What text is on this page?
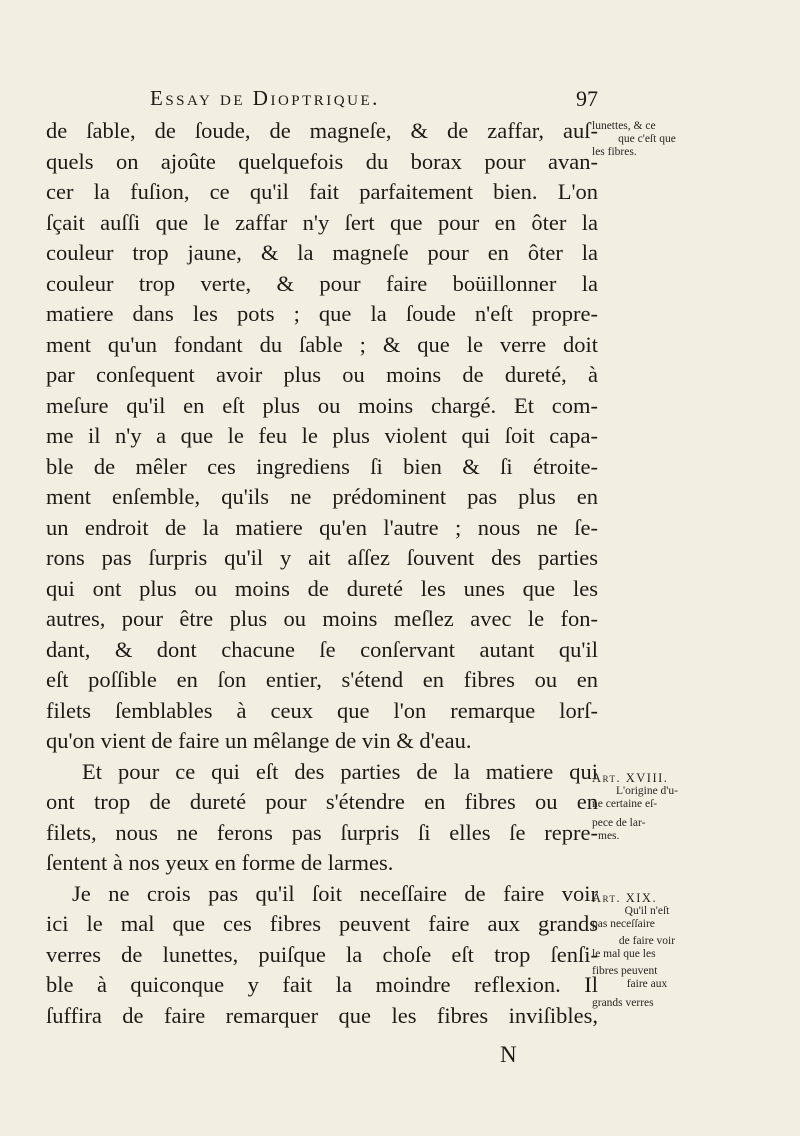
Essay de Dioptrique.	97
de ſable, de ſoude, de magneſe, & de zaffar, auſ-
quels on ajoûte quelquefois du borax pour avan-
cer la fuſion, ce qu'il fait parfaitement bien. L'on
ſçait auſſi que le zaffar n'y ſert que pour en ôter la
couleur trop jaune, & la magneſe pour en ôter la
couleur trop verte, & pour faire boüillonner la
matiere dans les pots ; que la ſoude n'eſt propre-
ment qu'un fondant du ſable ; & que le verre doit
par conſequent avoir plus ou moins de dureté, à
meſure qu'il en eſt plus ou moins chargé. Et com-
me il n'y a que le feu le plus violent qui ſoit capa-
ble de mêler ces ingrediens ſi bien & ſi étroite-
ment enſemble, qu'ils ne prédominent pas plus en
un endroit de la matiere qu'en l'autre ; nous ne ſe-
rons pas ſurpris qu'il y ait aſſez ſouvent des parties
qui ont plus ou moins de dureté les unes que les
autres, pour être plus ou moins meſlez avec le fon-
dant, & dont chacune ſe conſervant autant qu'il
eſt poſſible en ſon entier, s'étend en fibres ou en
filets ſemblables à ceux que l'on remarque lorſ-
qu'on vient de faire un mêlange de vin & d'eau.
Et pour ce qui eſt des parties de la matiere qui
ont trop de dureté pour s'étendre en fibres ou en
filets, nous ne ferons pas ſurpris ſi elles ſe repre-
ſentent à nos yeux en forme de larmes.
Je ne crois pas qu'il ſoit neceſſaire de faire voir
ici le mal que ces fibres peuvent faire aux grands
verres de lunettes, puiſque la choſe eſt trop ſenſi-
ble à quiconque y fait la moindre reflexion. Il
ſuffira de faire remarquer que les fibres inviſibles,
lunettes, & ce
que c'eſt que
les fibres.
Art. XVIII.
L'origine d'u-
ne certaine eſ-
pece de lar-
mes.
Art. XIX.
Qu'il n'eſt
pas neceſſaire
de faire voir
le mal que les
fibres peuvent
faire aux
grands verres
N
